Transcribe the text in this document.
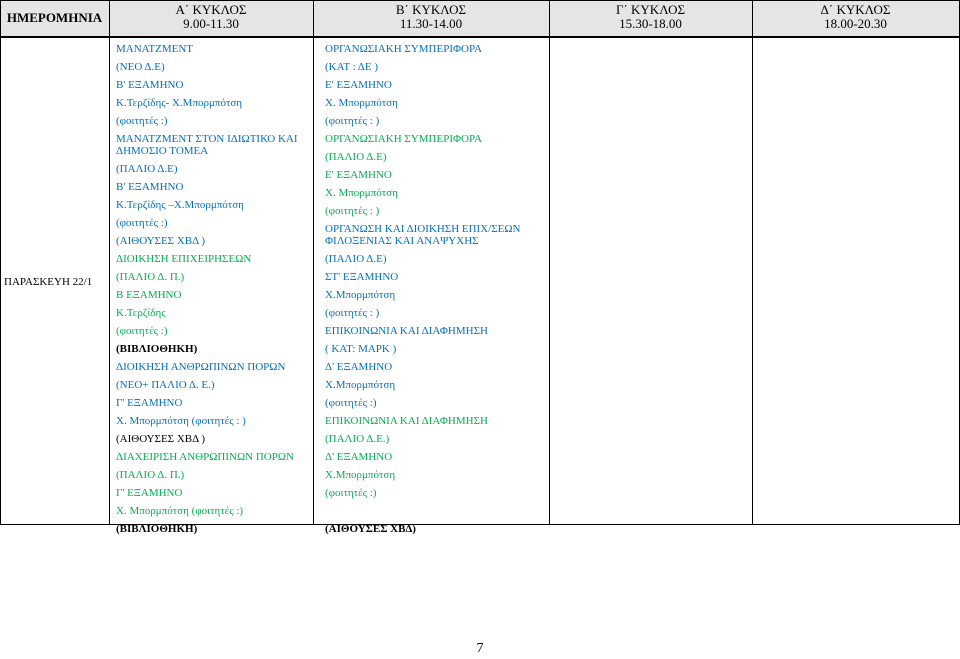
ΗΜΕΡΟΜΗΝΙΑ
Α΄ ΚΥΚΛΟΣ
9.00-11.30
Β΄ ΚΥΚΛΟΣ
11.30-14.00
Γ΄ ΚΥΚΛΟΣ
15.30-18.00
Δ΄ ΚΥΚΛΟΣ
18.00-20.30
ΠΑΡΑΣΚΕΥΗ 22/1
ΜΑΝΑΤΖΜΕΝΤ
(ΝΕΟ Δ.Ε)
Β' ΕΞΑΜΗΝΟ
Κ.Τερζίδης- Χ.Μπορμπότση
(φοιτητές :)
ΜΑΝΑΤΖΜΕΝΤ ΣΤΟΝ ΙΔΙΩΤΙΚΟ ΚΑΙ ΔΗΜΟΣΙΟ ΤΟΜΕΑ
(ΠΑΛΙΟ Δ.Ε)
Β' ΕΞΑΜΗΝΟ
Κ.Τερζίδης –Χ.Μπορμπότση
(φοιτητές :)
(ΑΙΘΟΥΣΕΣ ΧΒΔ )
ΔΙΟΙΚΗΣΗ ΕΠΙΧΕΙΡΗΣΕΩΝ
(ΠΑΛΙΟ Δ. Π.)
Β ΕΞΑΜΗΝΟ
Κ.Τερζίδης
(φοιτητές :)
(ΒΙΒΛΙΟΘΗΚΗ)
ΔΙΟΙΚΗΣΗ ΑΝΘΡΩΠΙΝΩΝ ΠΟΡΩΝ
(ΝΕΟ+ ΠΑΛΙΟ Δ. Ε.)
Γ' ΕΞΑΜΗΝΟ
Χ. Μπορμπότση (φοιτητές : )
(ΑΙΘΟΥΣΕΣ ΧΒΔ )
ΔΙΑΧΕΙΡΙΣΗ ΑΝΘΡΩΠΙΝΩΝ ΠΟΡΩΝ
(ΠΑΛΙΟ Δ. Π.)
Γ' ΕΞΑΜΗΝΟ
Χ. Μπορμπότση (φοιτητές :)
(ΒΙΒΛΙΟΘΗΚΗ)
ΟΡΓΑΝΩΣΙΑΚΗ ΣΥΜΠΕΡΙΦΟΡΑ
(ΚΑΤ : ΔΕ )
Ε' ΕΞΑΜΗΝΟ
Χ. Μπορμπότση
(φοιτητές : )
ΟΡΓΑΝΩΣΙΑΚΗ ΣΥΜΠΕΡΙΦΟΡΑ
(ΠΑΛΙΟ Δ.Ε)
Ε' ΕΞΑΜΗΝΟ
Χ. Μπορμπότση
(φοιτητές : )
ΟΡΓΑΝΩΣΗ ΚΑΙ ΔΙΟΙΚΗΣΗ ΕΠΙΧ/ΣΕΩΝ ΦΙΛΟΞΕΝΙΑΣ ΚΑΙ ΑΝΑΨΥΧΗΣ
(ΠΑΛΙΟ Δ.Ε)
ΣΤ' ΕΞΑΜΗΝΟ
Χ.Μπορμπότση
(φοιτητές : )
ΕΠΙΚΟΙΝΩΝΙΑ ΚΑΙ ΔΙΑΦΗΜΗΣΗ
( ΚΑΤ: ΜΑΡΚ )
Δ' ΕΞΑΜΗΝΟ
Χ.Μπορμπότση
(φοιτητές :)
ΕΠΙΚΟΙΝΩΝΙΑ ΚΑΙ ΔΙΑΦΗΜΗΣΗ
(ΠΑΛΙΟ Δ.Ε.)
Δ' ΕΞΑΜΗΝΟ
Χ.Μπορμπότση
(φοιτητές :)
(ΑΙΘΟΥΣΕΣ ΧΒΔ)
7
